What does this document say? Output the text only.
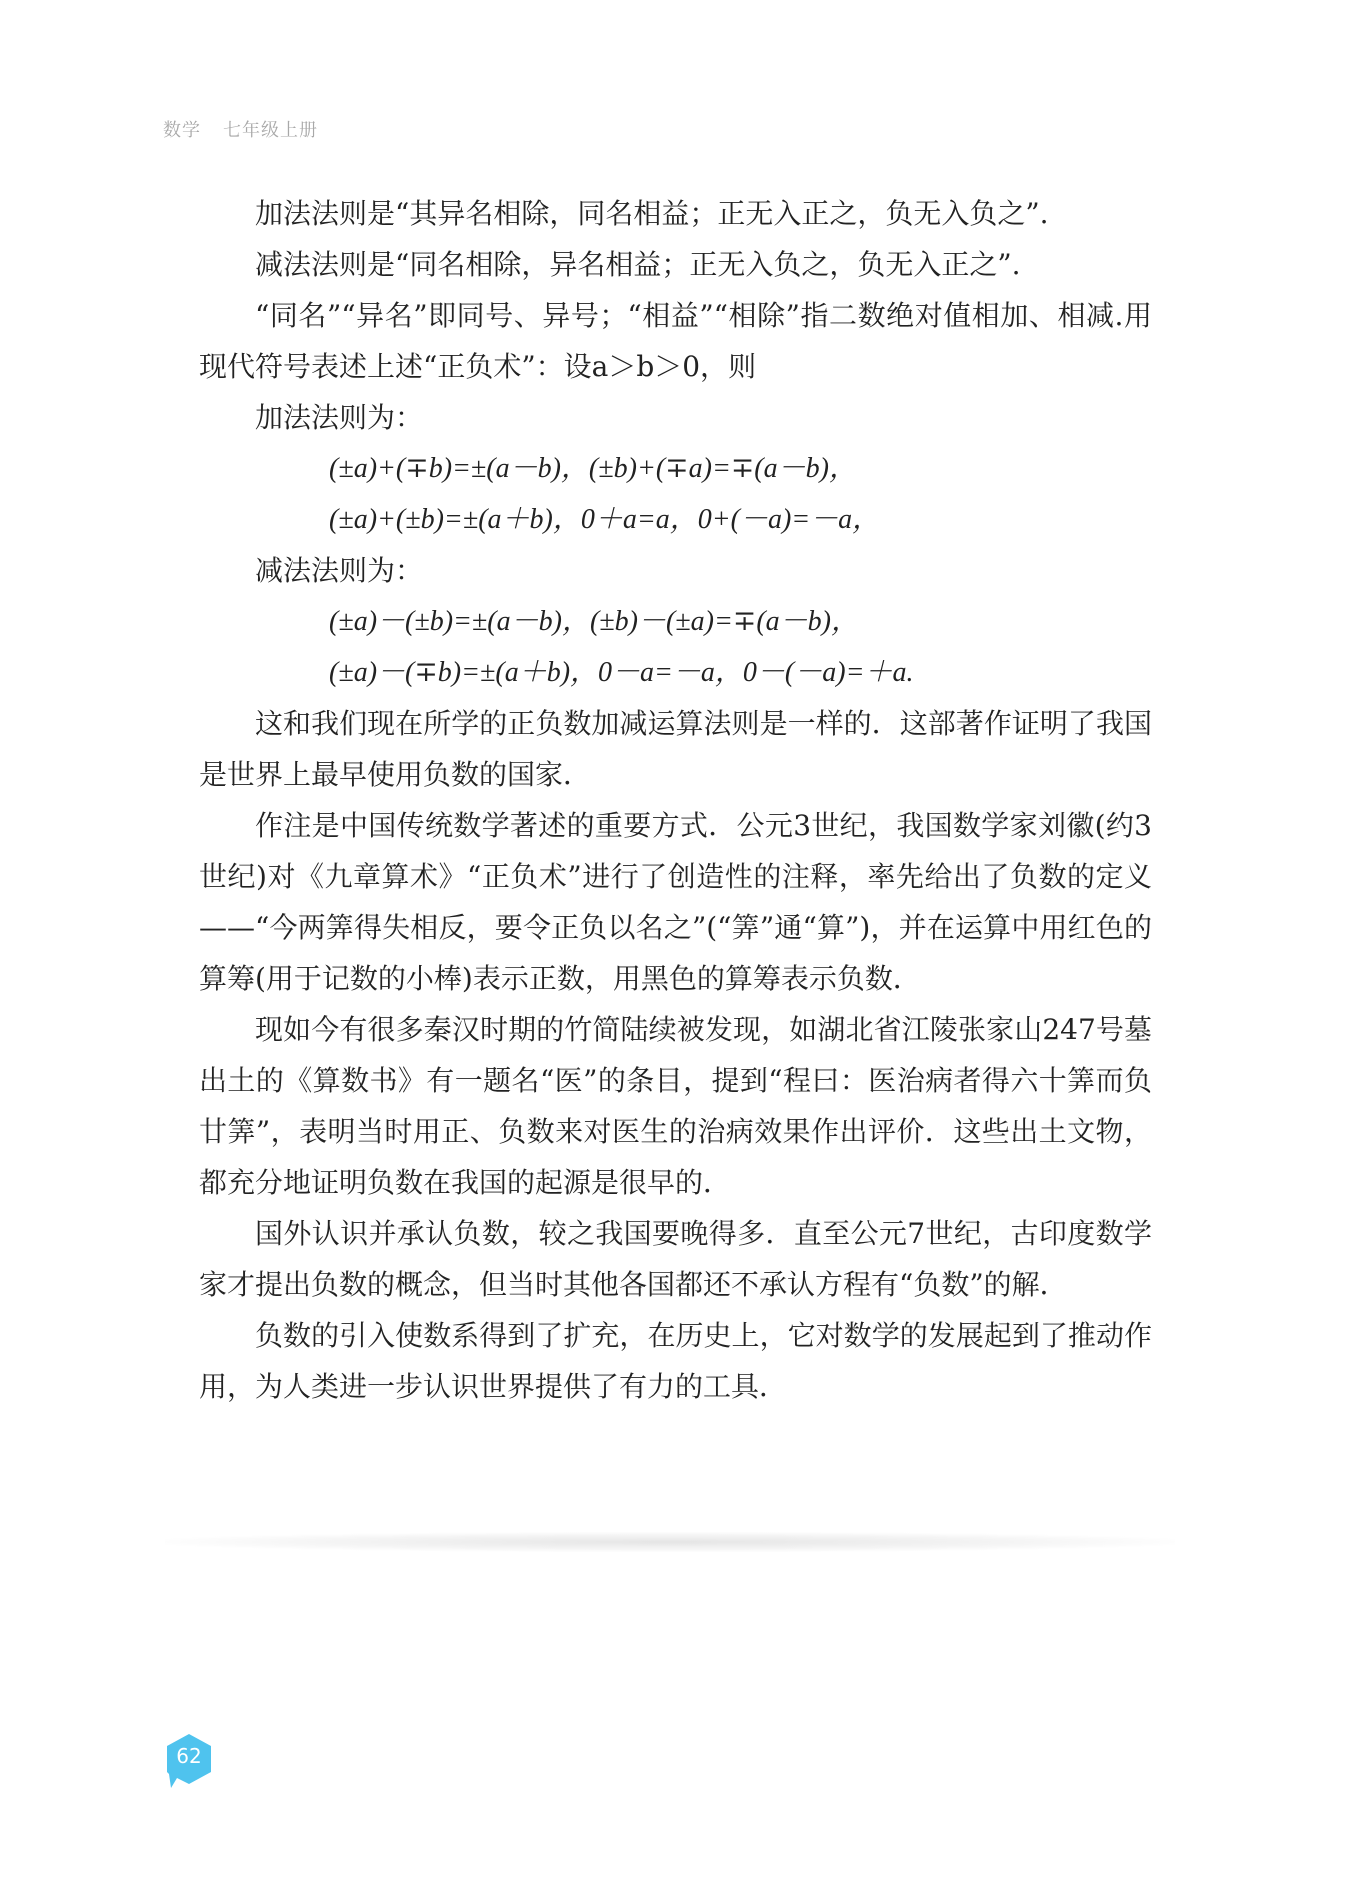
数学 七年级上册

加法法则是“其异名相除，同名相益；正无入正之，负无入负之”.

减法法则是“同名相除，异名相益；正无入负之，负无入正之”.

“同名”“异名”即同号、异号；“相益”“相除”指二数绝对值相加、相减.用现代符号表述上述“正负术”：设a＞b＞0，则

加法法则为：

(±a)+(∓b)=±(a－b)，(±b)+(∓a)=∓(a－b)，

(±a)+(±b)=±(a＋b)，0＋a=a，0+(－a)=－a，

减法法则为：

(±a)－(±b)=±(a－b)，(±b)－(±a)=∓(a－b)，

(±a)－(∓b)=±(a＋b)，0－a=－a，0－(－a)=＋a.

这和我们现在所学的正负数加减运算法则是一样的．这部著作证明了我国是世界上最早使用负数的国家．

作注是中国传统数学著述的重要方式．公元3世纪，我国数学家刘徽(约3世纪)对《九章算术》“正负术”进行了创造性的注释，率先给出了负数的定义——“今两筭得失相反，要令正负以名之”(“筭”通“算”)，并在运算中用红色的算筹(用于记数的小棒)表示正数，用黑色的算筹表示负数．

现如今有很多秦汉时期的竹简陆续被发现，如湖北省江陵张家山247号墓出土的《算数书》有一题名“医”的条目，提到“程曰：医治病者得六十筭而负廿筭”，表明当时用正、负数来对医生的治病效果作出评价．这些出土文物，都充分地证明负数在我国的起源是很早的．

国外认识并承认负数，较之我国要晚得多．直至公元7世纪，古印度数学家才提出负数的概念，但当时其他各国都还不承认方程有“负数”的解．

负数的引入使数系得到了扩充，在历史上，它对数学的发展起到了推动作用，为人类进一步认识世界提供了有力的工具．

62
